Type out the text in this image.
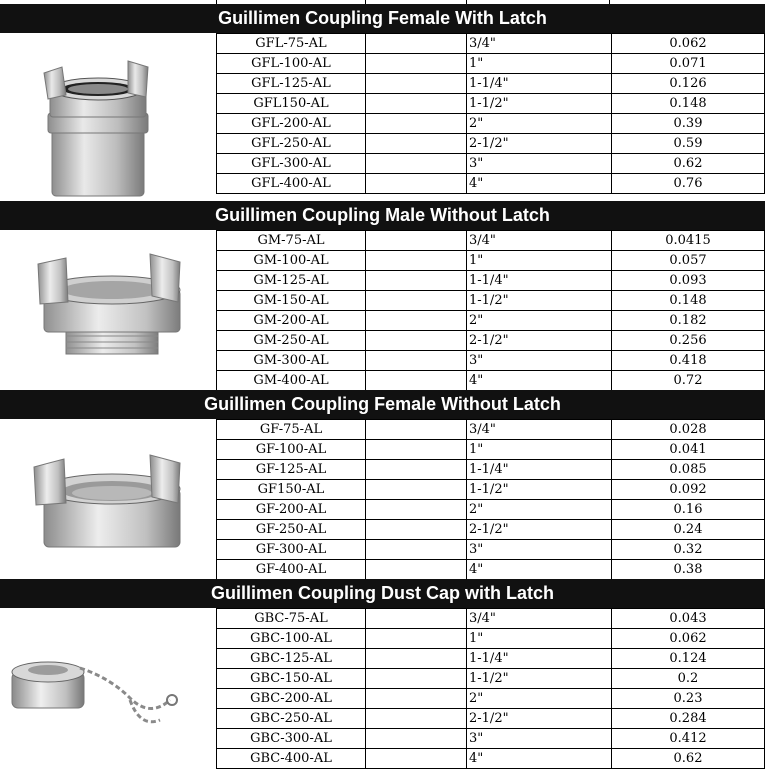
Guillimen Coupling Female With Latch
GFL-75-AL		3/4"	0.062
GFL-100-AL		1"	0.071
GFL-125-AL		1-1/4"	0.126
GFL150-AL		1-1/2"	0.148
GFL-200-AL		2"	0.39
GFL-250-AL		2-1/2"	0.59
GFL-300-AL		3"	0.62
GFL-400-AL		4"	0.76
Guillimen Coupling Male Without Latch
GM-75-AL		3/4"	0.0415
GM-100-AL		1"	0.057
GM-125-AL		1-1/4"	0.093
GM-150-AL		1-1/2"	0.148
GM-200-AL		2"	0.182
GM-250-AL		2-1/2"	0.256
GM-300-AL		3"	0.418
GM-400-AL		4"	0.72
Guillimen Coupling Female Without Latch
GF-75-AL		3/4"	0.028
GF-100-AL		1"	0.041
GF-125-AL		1-1/4"	0.085
GF150-AL		1-1/2"	0.092
GF-200-AL		2"	0.16
GF-250-AL		2-1/2"	0.24
GF-300-AL		3"	0.32
GF-400-AL		4"	0.38
Guillimen Coupling Dust Cap with Latch
GBC-75-AL		3/4"	0.043
GBC-100-AL		1"	0.062
GBC-125-AL		1-1/4"	0.124
GBC-150-AL		1-1/2"	0.2
GBC-200-AL		2"	0.23
GBC-250-AL		2-1/2"	0.284
GBC-300-AL		3"	0.412
GBC-400-AL		4"	0.62
